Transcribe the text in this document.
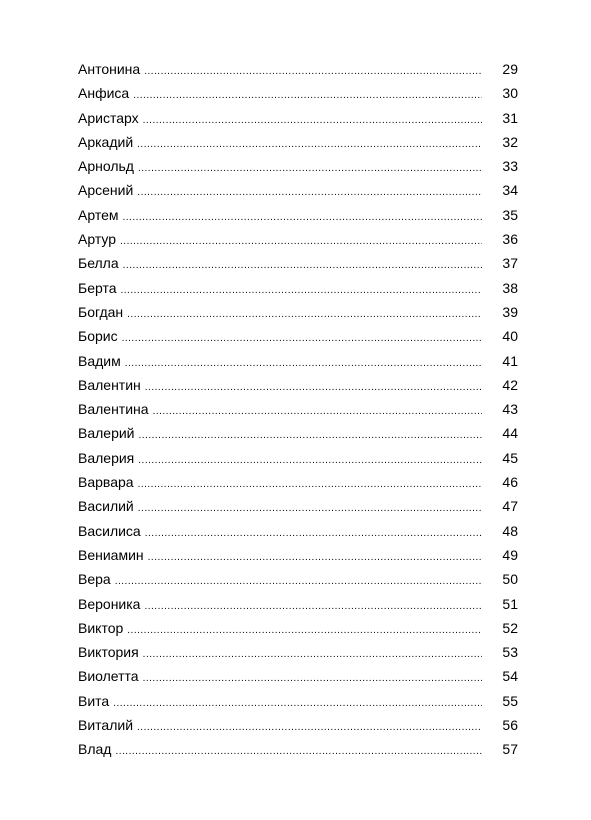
Антонина .....	29
Анфиса .....	30
Аристарх .....	31
Аркадий .....	32
Арнольд .....	33
Арсений .....	34
Артем .....	35
Артур .....	36
Белла .....	37
Берта .....	38
Богдан .....	39
Борис .....	40
Вадим .....	41
Валентин .....	42
Валентина .....	43
Валерий .....	44
Валерия .....	45
Варвара .....	46
Василий .....	47
Василиса .....	48
Вениамин .....	49
Вера .....	50
Вероника .....	51
Виктор .....	52
Виктория .....	53
Виолетта .....	54
Вита .....	55
Виталий .....	56
Влад .....	57
